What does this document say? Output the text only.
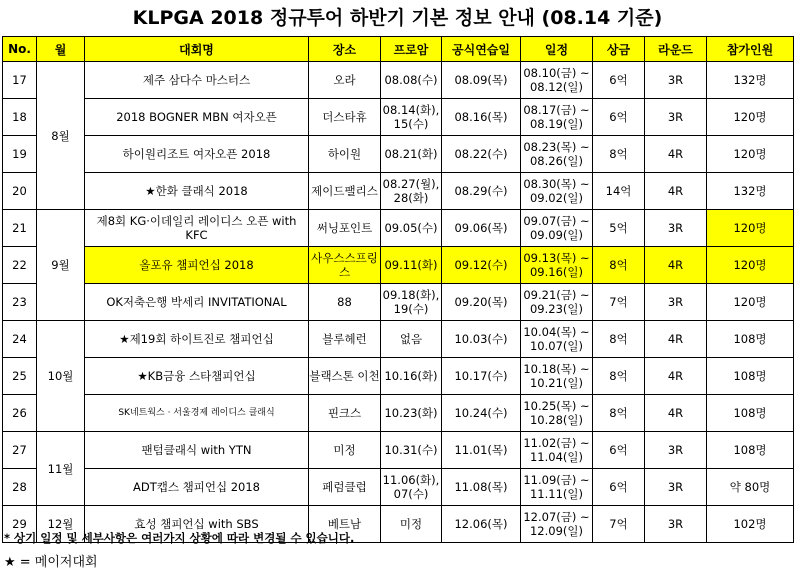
KLPGA 2018 정규투어 하반기 기본 정보 안내 (08.14 기준)
No.	월	대회명	장소	프로암	공식연습일	일정	상금	라운드	참가인원
17	8월	제주 삼다수 마스터스	오라	08.08(수)	08.09(목)	08.10(금) ~ 08.12(일)	6억	3R	132명
18		2018 BOGNER MBN 여자오픈	더스타휴	08.14(화), 15(수)	08.16(목)	08.17(금) ~ 08.19(일)	6억	3R	120명
19		하이원리조트 여자오픈 2018	하이원	08.21(화)	08.22(수)	08.23(목) ~ 08.26(일)	8억	4R	120명
20		★한화 클래식 2018	제이드팰리스	08.27(월), 28(화)	08.29(수)	08.30(목) ~ 09.02(일)	14억	4R	132명
21	9월	제8회 KG·이데일리 레이디스 오픈 with KFC	써닝포인트	09.05(수)	09.06(목)	09.07(금) ~ 09.09(일)	5억	3R	120명
22		올포유 챔피언십 2018	사우스스프링스	09.11(화)	09.12(수)	09.13(목) ~ 09.16(일)	8억	4R	120명
23		OK저축은행 박세리 INVITATIONAL	88	09.18(화), 19(수)	09.20(목)	09.21(금) ~ 09.23(일)	7억	3R	120명
24	10월	★제19회 하이트진로 챔피언십	블루헤런	없음	10.03(수)	10.04(목) ~ 10.07(일)	8억	4R	108명
25		★KB금융 스타챔피언십	블랙스톤 이천	10.16(화)	10.17(수)	10.18(목) ~ 10.21(일)	8억	4R	108명
26		SK네트웍스 · 서울경제 레이디스 클래식	핀크스	10.23(화)	10.24(수)	10.25(목) ~ 10.28(일)	8억	4R	108명
27	11월	팬텀클래식 with YTN	미정	10.31(수)	11.01(목)	11.02(금) ~ 11.04(일)	6억	3R	108명
28		ADT캡스 챔피언십 2018	페럼클럽	11.06(화), 07(수)	11.08(목)	11.09(금) ~ 11.11(일)	6억	3R	약 80명
29	12월	효성 챔피언십 with SBS	베트남	미정	12.06(목)	12.07(금) ~ 12.09(일)	7억	3R	102명
* 상기 일정 및 세부사항은 여러가지 상황에 따라 변경될 수 있습니다.
★ = 메이저대회
